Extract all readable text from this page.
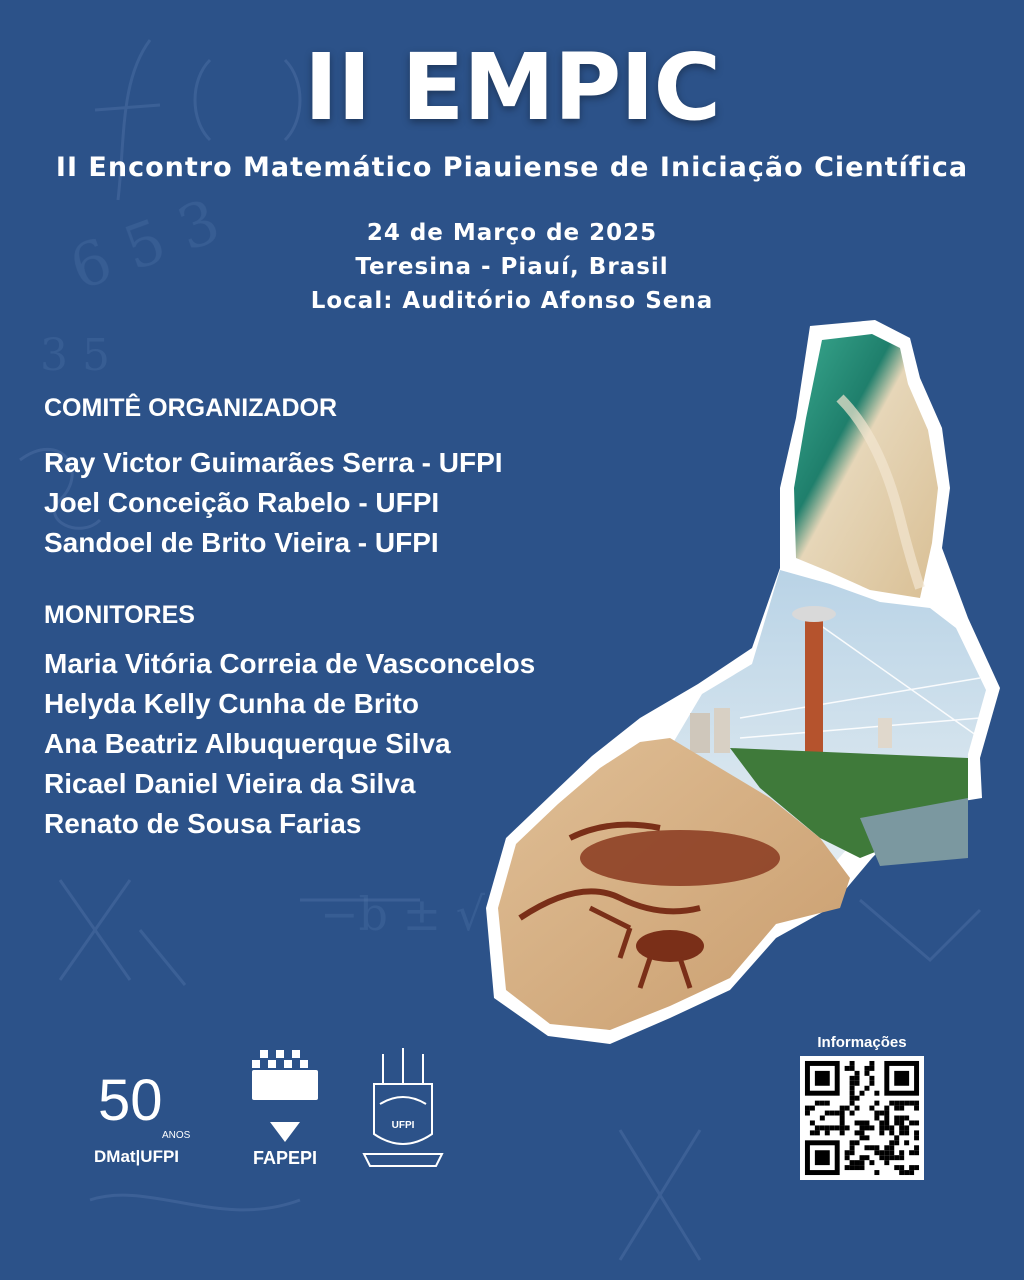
6 5 3
3 5
−b ± √
II EMPIC
II Encontro Matemático Piauiense de Iniciação Científica
24 de Março de 2025
Teresina - Piauí, Brasil
Local: Auditório Afonso Sena
COMITÊ ORGANIZADOR
Ray Victor Guimarães Serra - UFPI
Joel Conceição Rabelo - UFPI
Sandoel de Brito Vieira - UFPI
MONITORES
Maria Vitória Correia de Vasconcelos
Helyda Kelly Cunha de Brito
Ana Beatriz Albuquerque Silva
Ricael Daniel Vieira da Silva
Renato de Sousa Farias
50
ANOS
DMat|UFPI	FAPEPI
UFPI
Informações
